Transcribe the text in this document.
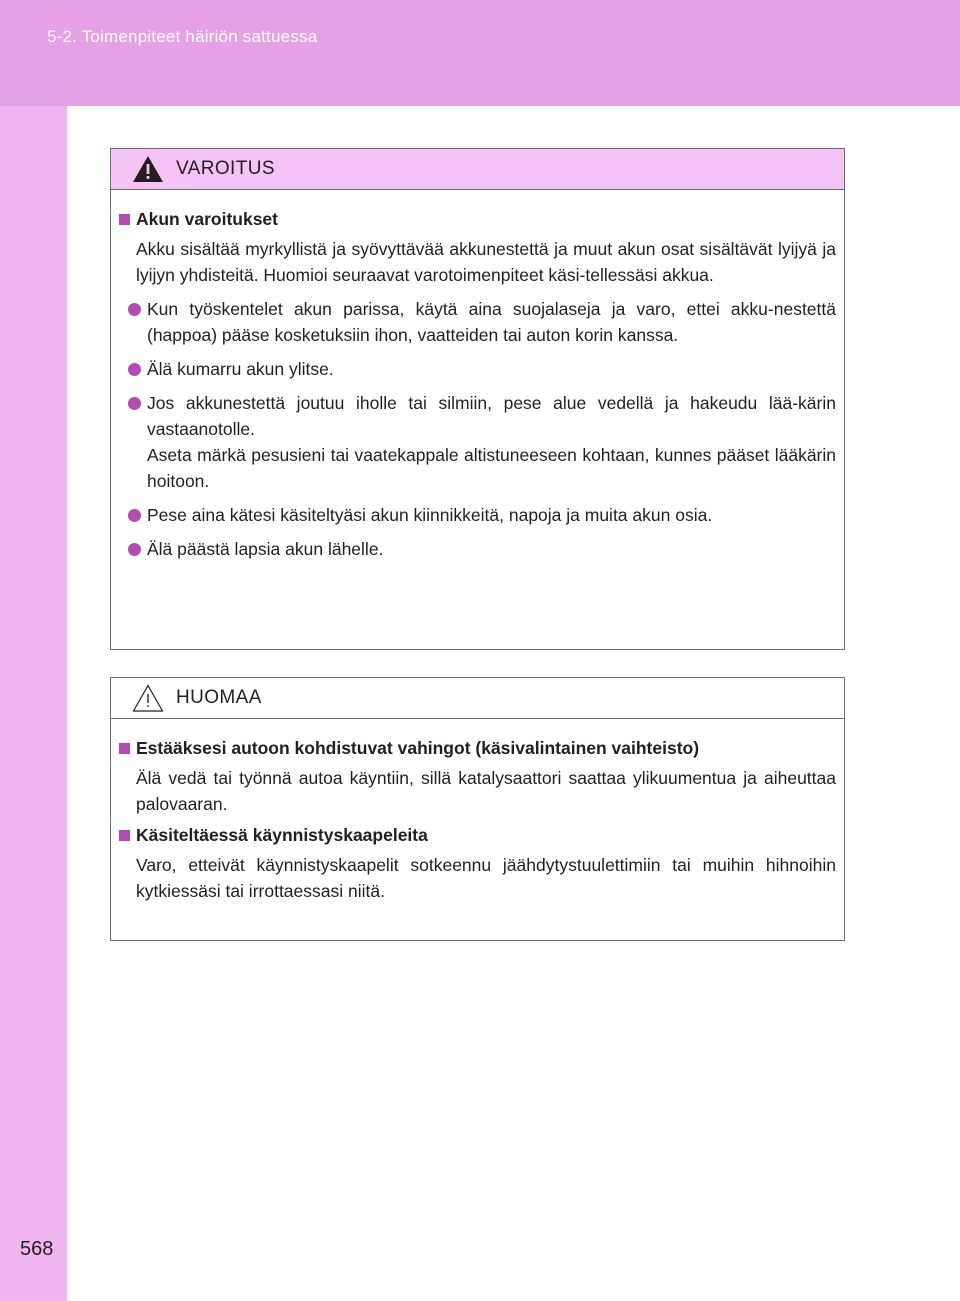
5-2. Toimenpiteet häiriön sattuessa
VAROITUS
Akun varoitukset
Akku sisältää myrkyllistä ja syövyttävää akkunestettä ja muut akun osat sisältävät lyijyä ja lyijyn yhdisteitä. Huomioi seuraavat varotoimenpiteet käsi-tellessäsi akkua.
Kun työskentelet akun parissa, käytä aina suojalaseja ja varo, ettei akku-nestettä (happoa) pääse kosketuksiin ihon, vaatteiden tai auton korin kanssa.
Älä kumarru akun ylitse.
Jos akkunestettä joutuu iholle tai silmiin, pese alue vedellä ja hakeudu lää-kärin vastaanotolle.
Aseta märkä pesusieni tai vaatekappale altistuneeseen kohtaan, kunnes pääset lääkärin hoitoon.
Pese aina kätesi käsiteltyäsi akun kiinnikkeitä, napoja ja muita akun osia.
Älä päästä lapsia akun lähelle.
HUOMAA
Estääksesi autoon kohdistuvat vahingot (käsivalintainen vaihteisto)
Älä vedä tai työnnä autoa käyntiin, sillä katalysaattori saattaa ylikuumentua ja aiheuttaa palovaaran.
Käsiteltäessä käynnistyskaapeleita
Varo, etteivät käynnistyskaapelit sotkeennu jäähdytystuulettimiin tai muihin hihnoihin kytkiessäsi tai irrottaessasi niitä.
568
